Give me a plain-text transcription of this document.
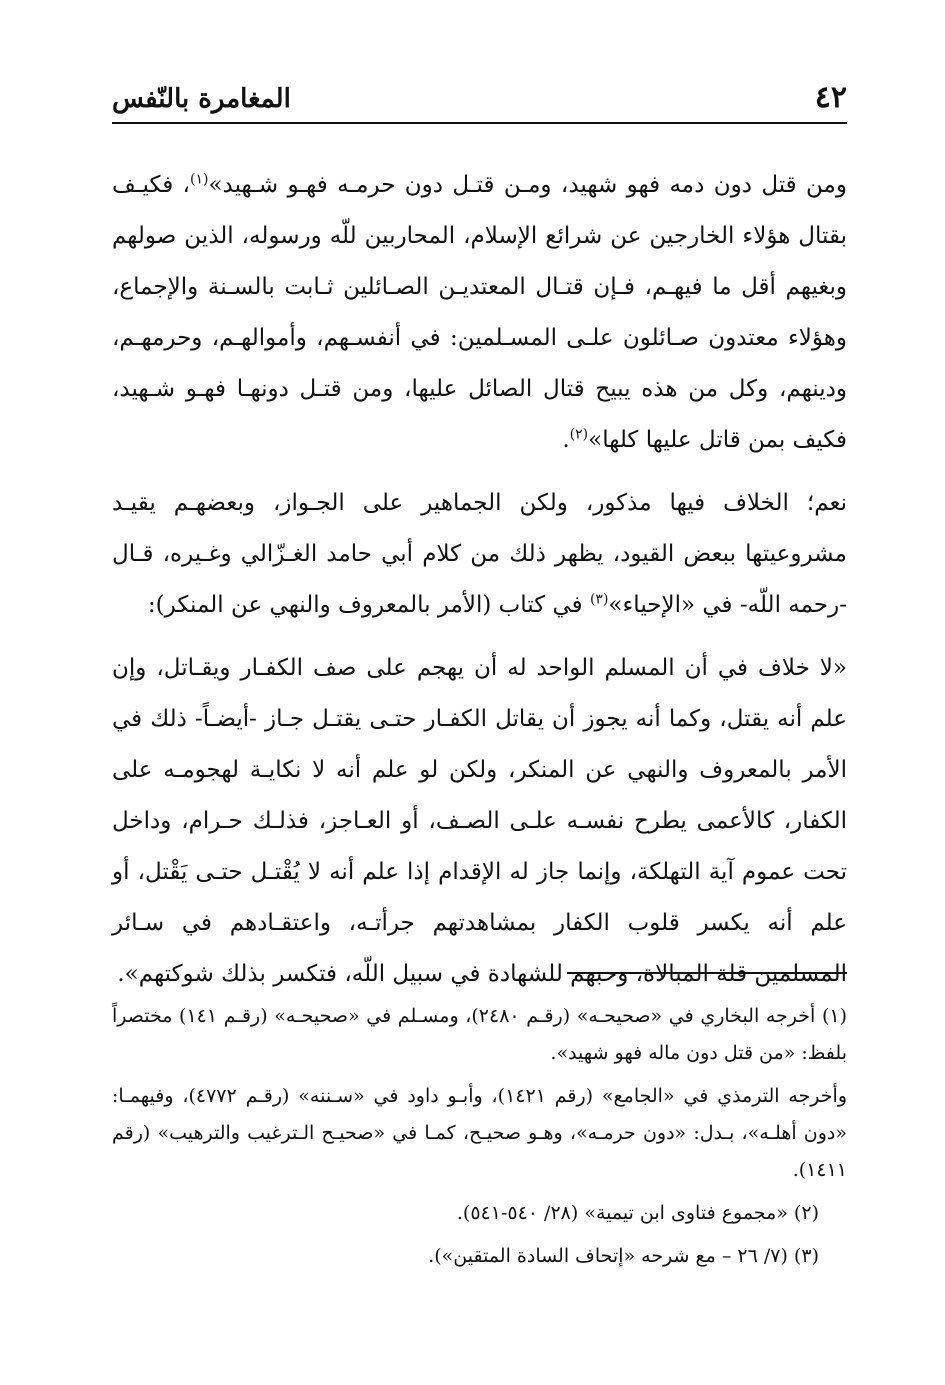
٤٢
المغامرة بالنّفس

ومن قتل دون دمه فهو شهيد، ومـن قتـل دون حرمـه فهـو شـهيد»$^{(١)}$، فكيـف بقتال هؤلاء الخارجين عن شرائع الإسلام، المحاربين للّه ورسوله، الذين صولهم وبغيهم أقل ما فيهـم، فـإن قتـال المعتديـن الصـائلين ثـابت بالسـنة والإجماع، وهؤلاء معتدون صـائلون علـى المسـلمين: في أنفسـهم، وأموالهـم، وحرمهـم، ودينهم، وكل من هذه يبيح قتال الصائل عليها، ومن قتـل دونهـا فهـو شـهيد، فكيف بمن قاتل عليها كلها»$^{(٢)}$.

نعم؛ الخلاف فيها مذكور، ولكن الجماهير على الجـواز، وبعضهـم يقيـد مشروعيتها ببعض القيود، يظهر ذلك من كلام أبي حامد الغـزّالي وغـيره، قـال -رحمه اللّه- في «الإحياء»$^{(٣)}$ في كتاب (الأمر بالمعروف والنهي عن المنكر):

«لا خلاف في أن المسلم الواحد له أن يهجم على صف الكفـار ويقـاتل، وإن علم أنه يقتل، وكما أنه يجوز أن يقاتل الكفـار حتـى يقتـل جـاز -أيضـاً- ذلك في الأمر بالمعروف والنهي عن المنكر، ولكن لو علم أنه لا نكايـة لهجومـه على الكفار، كالأعمى يطرح نفسـه علـى الصـف، أو العـاجز، فذلـك حـرام، وداخل تحت عموم آية التهلكة، وإنما جاز له الإقدام إذا علم أنه لا يُقْتـل حتـى يَقْتل، أو علم أنه يكسر قلوب الكفار بمشاهدتهم جرأتـه، واعتقـادهم في سـائر المسلمين قلة المبالاة، وحبهم للشهادة في سبيل اللّه، فتكسر بذلك شوكتهم».

(١) أخرجه البخاري في «صحيحـه» (رقـم ٢٤٨٠)، ومسـلم في «صحيحـه» (رقـم ١٤١) مختصراً بلفظ: «من قتل دون ماله فهو شهيد».

وأخرجه الترمذي في «الجامع» (رقم ١٤٢١)، وأبـو داود في «سـننه» (رقـم ٤٧٧٢)، وفيهمـا: «دون أهلـه»، بـدل: «دون حرمـه»، وهـو صحيـح، كمـا في «صحيـح الـترغيب والترهيب» (رقم ١٤١١).

(٢) «مجموع فتاوى ابن تيمية» (٢٨/ ٥٤٠-٥٤١).

(٣) (٧/ ٢٦ – مع شرحه «إتحاف السادة المتقين»).
